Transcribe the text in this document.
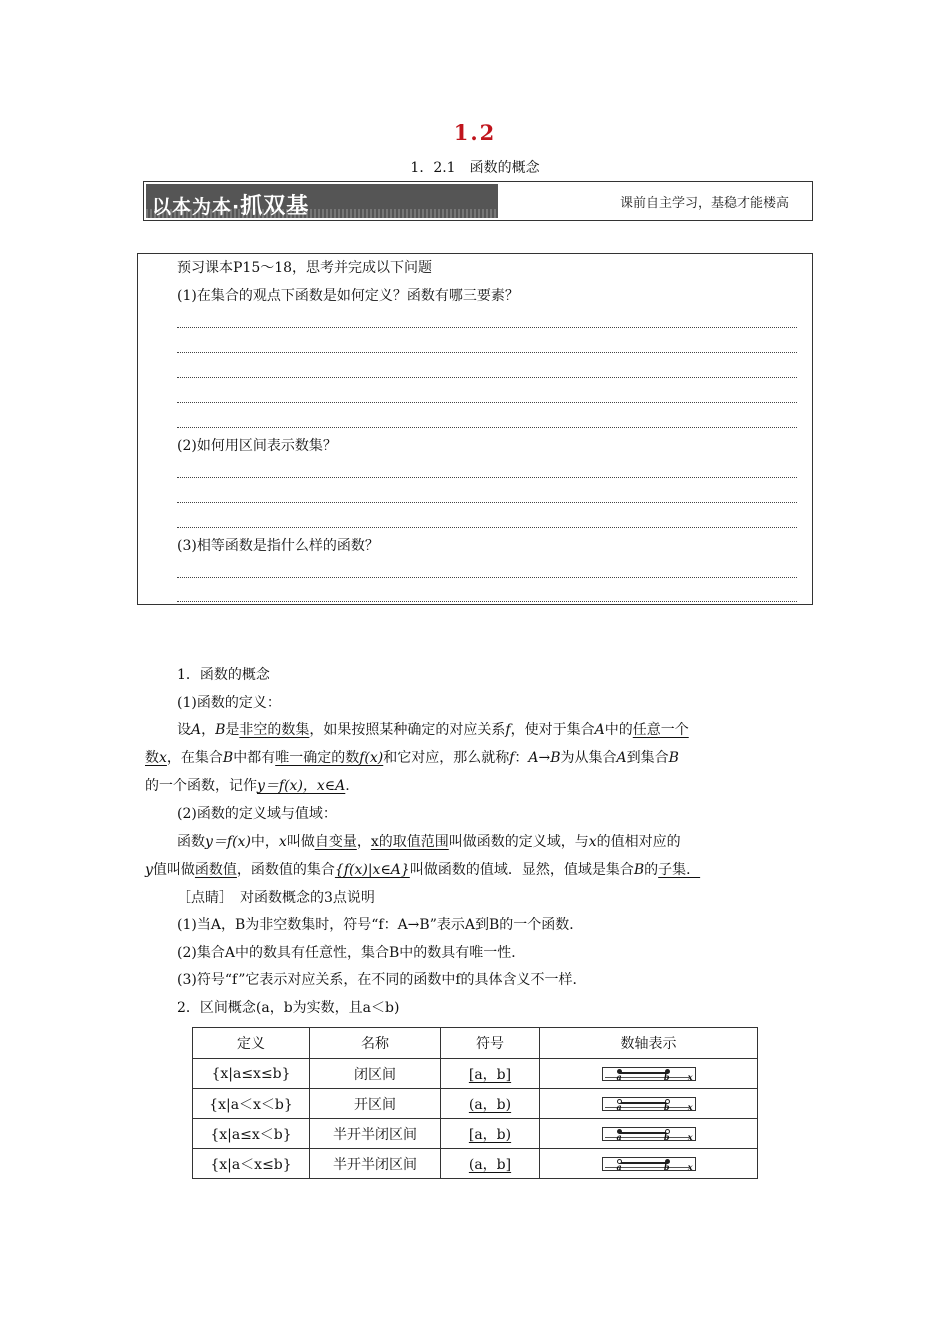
1.2
1．2.1　函数的概念
以本为本·抓双基	课前自主学习，基稳才能楼高
预习课本P15～18，思考并完成以下问题
(1)在集合的观点下函数是如何定义？函数有哪三要素？
(2)如何用区间表示数集？
(3)相等函数是指什么样的函数？
1．函数的概念
(1)函数的定义：
设A，B是非空的数集，如果按照某种确定的对应关系f，使对于集合A中的任意一个
数x，在集合B中都有唯一确定的数f(x)和它对应，那么就称f：A→B为从集合A到集合B
的一个函数，记作y＝f(x)，x∈A.
(2)函数的定义域与值域：
函数y＝f(x)中，x叫做自变量，x的取值范围叫做函数的定义域，与x的值相对应的
y值叫做函数值，函数值的集合{f(x)|x∈A}叫做函数的值域．显然，值域是集合B的子集．
［点睛］　对函数概念的3点说明
(1)当A，B为非空数集时，符号“f：A→B”表示A到B的一个函数．
(2)集合A中的数具有任意性，集合B中的数具有唯一性．
(3)符号“f”它表示对应关系，在不同的函数中f的具体含义不一样．
2．区间概念(a，b为实数，且a＜b)
定义	名称	符号	数轴表示
{x|a≤x≤b}	闭区间	[a，b]	a b x

{x|a＜x＜b}	开区间	(a，b)	a b x

{x|a≤x＜b}	半开半闭区间	[a，b)	a b x

{x|a＜x≤b}	半开半闭区间	(a，b]	a b x
